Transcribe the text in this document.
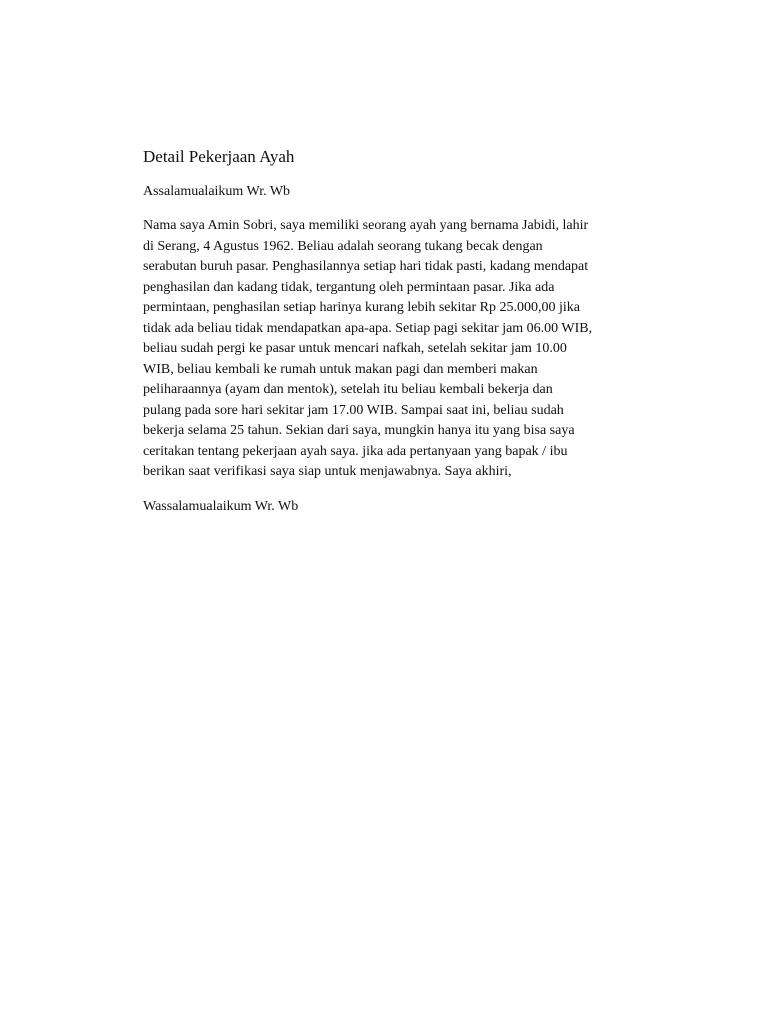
Detail Pekerjaan Ayah

Assalamualaikum Wr. Wb

Nama saya Amin Sobri, saya memiliki seorang ayah yang bernama Jabidi, lahir
di Serang, 4 Agustus 1962. Beliau adalah seorang tukang becak dengan
serabutan buruh pasar. Penghasilannya setiap hari tidak pasti, kadang mendapat
penghasilan dan kadang tidak, tergantung oleh permintaan pasar. Jika ada
permintaan, penghasilan setiap harinya kurang lebih sekitar Rp 25.000,00 jika
tidak ada beliau tidak mendapatkan apa-apa. Setiap pagi sekitar jam 06.00 WIB,
beliau sudah pergi ke pasar untuk mencari nafkah, setelah sekitar jam 10.00
WIB, beliau kembali ke rumah untuk makan pagi dan memberi makan
peliharaannya (ayam dan mentok), setelah itu beliau kembali bekerja dan
pulang pada sore hari sekitar jam 17.00 WIB. Sampai saat ini, beliau sudah
bekerja selama 25 tahun. Sekian dari saya, mungkin hanya itu yang bisa saya
ceritakan tentang pekerjaan ayah saya. jika ada pertanyaan yang bapak / ibu
berikan saat verifikasi saya siap untuk menjawabnya. Saya akhiri,

Wassalamualaikum Wr. Wb
